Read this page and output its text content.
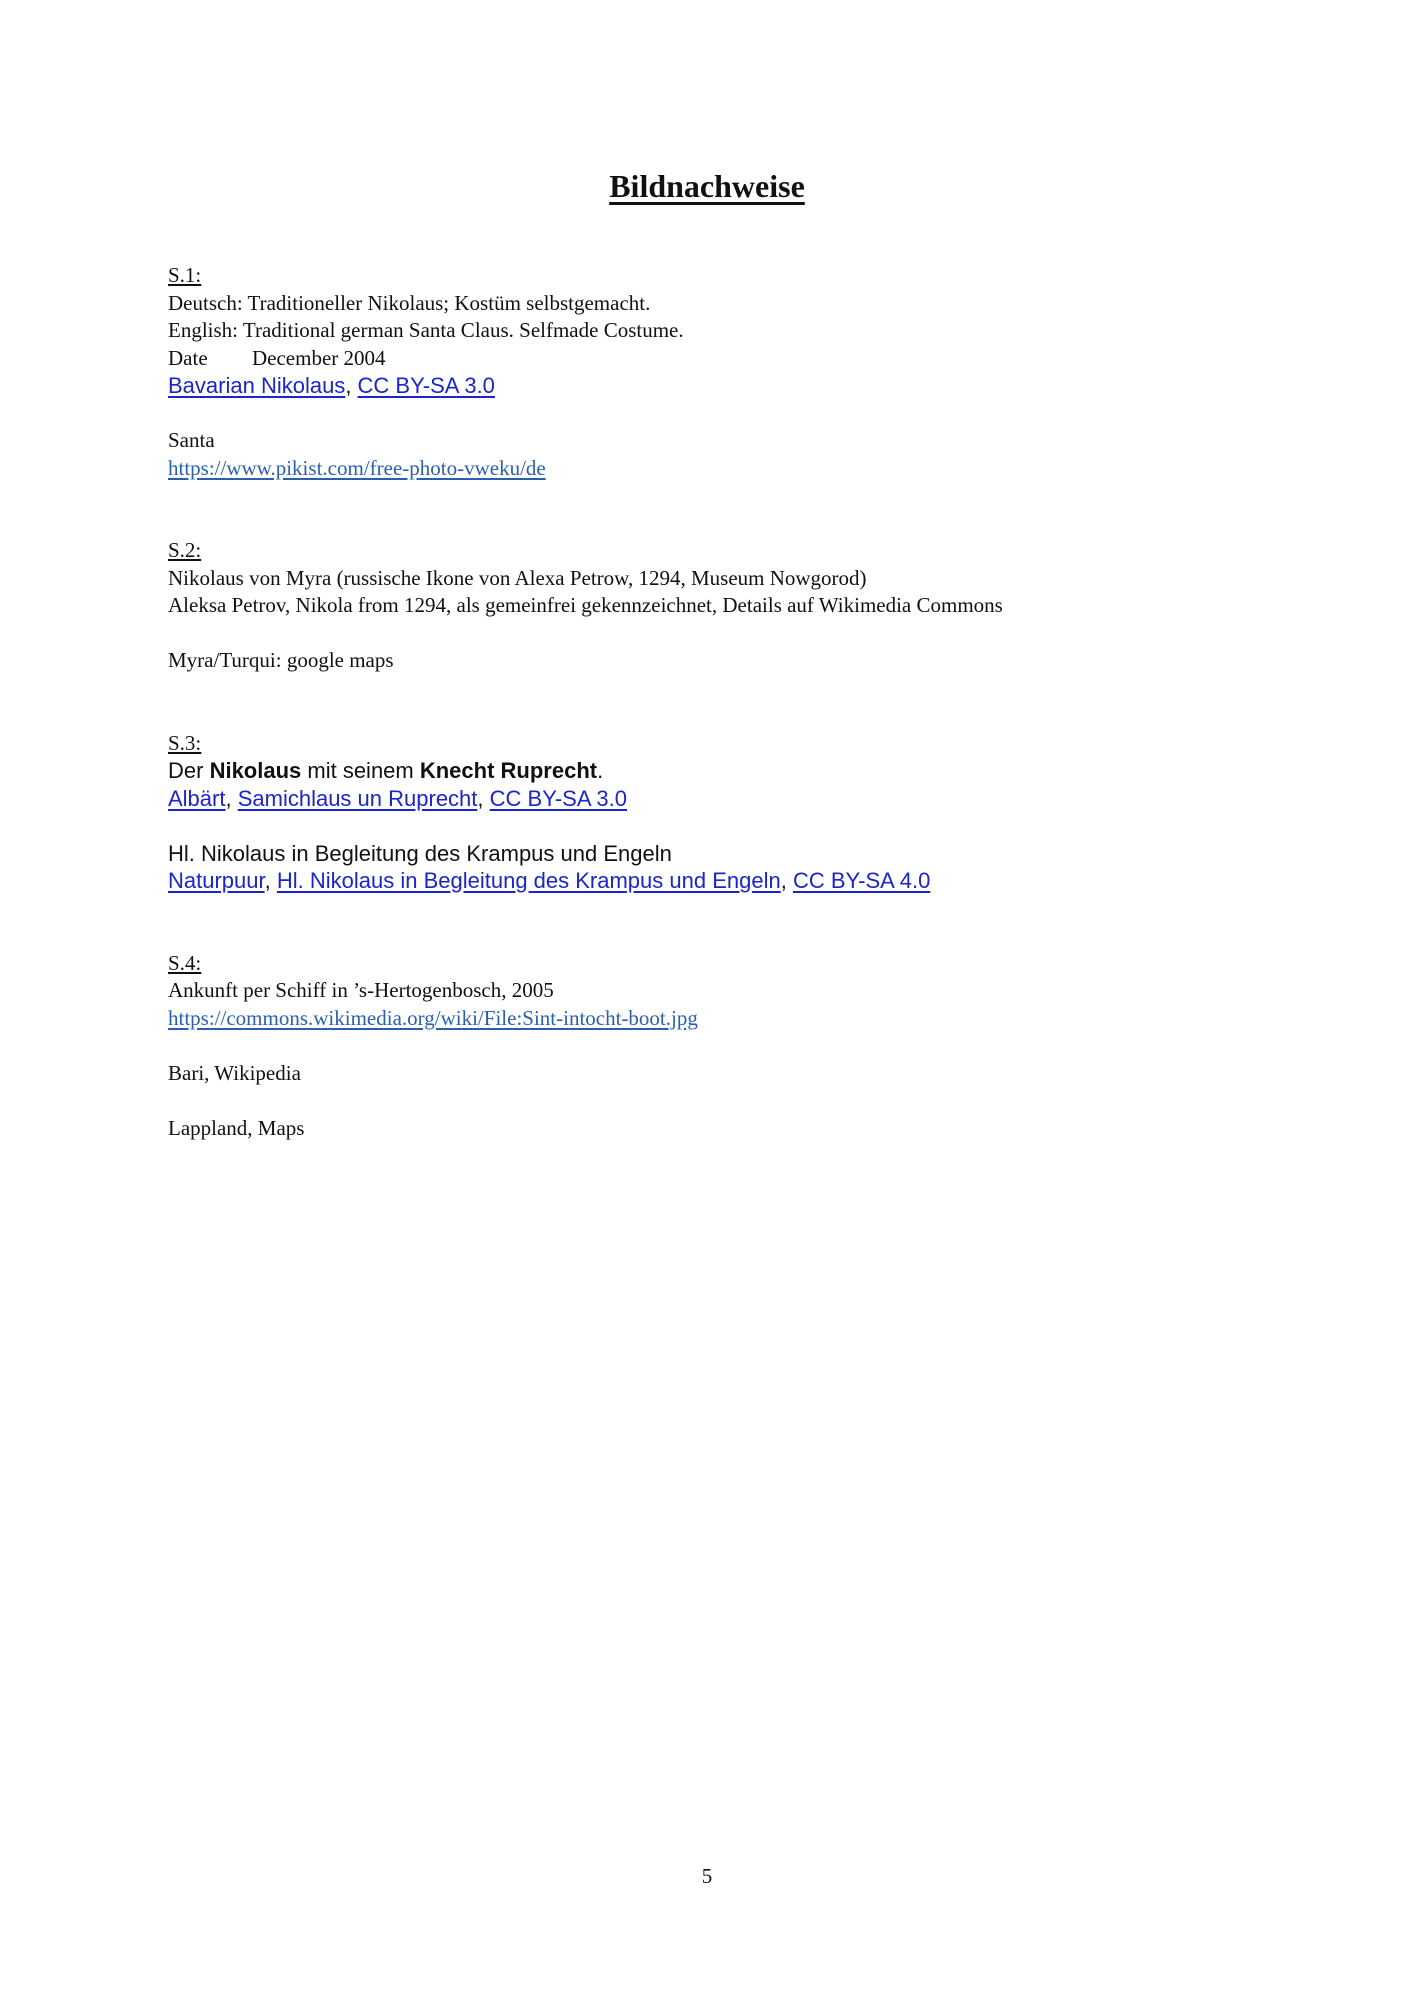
Bildnachweise
S.1:
Deutsch: Traditioneller Nikolaus; Kostüm selbstgemacht.
English: Traditional german Santa Claus. Selfmade Costume.
Date December 2004
Bavarian Nikolaus, CC BY-SA 3.0
Santa
https://www.pikist.com/free-photo-vweku/de
S.2:
Nikolaus von Myra (russische Ikone von Alexa Petrow, 1294, Museum Nowgorod)
Aleksa Petrov, Nikola from 1294, als gemeinfrei gekennzeichnet, Details auf Wikimedia Commons
Myra/Turqui: google maps
S.3:
Der Nikolaus mit seinem Knecht Ruprecht.
Albärt, Samichlaus un Ruprecht, CC BY-SA 3.0
Hl. Nikolaus in Begleitung des Krampus und Engeln
Naturpuur, Hl. Nikolaus in Begleitung des Krampus und Engeln, CC BY-SA 4.0
S.4:
Ankunft per Schiff in ’s-Hertogenbosch, 2005
https://commons.wikimedia.org/wiki/File:Sint-intocht-boot.jpg
Bari, Wikipedia
Lappland, Maps
5
